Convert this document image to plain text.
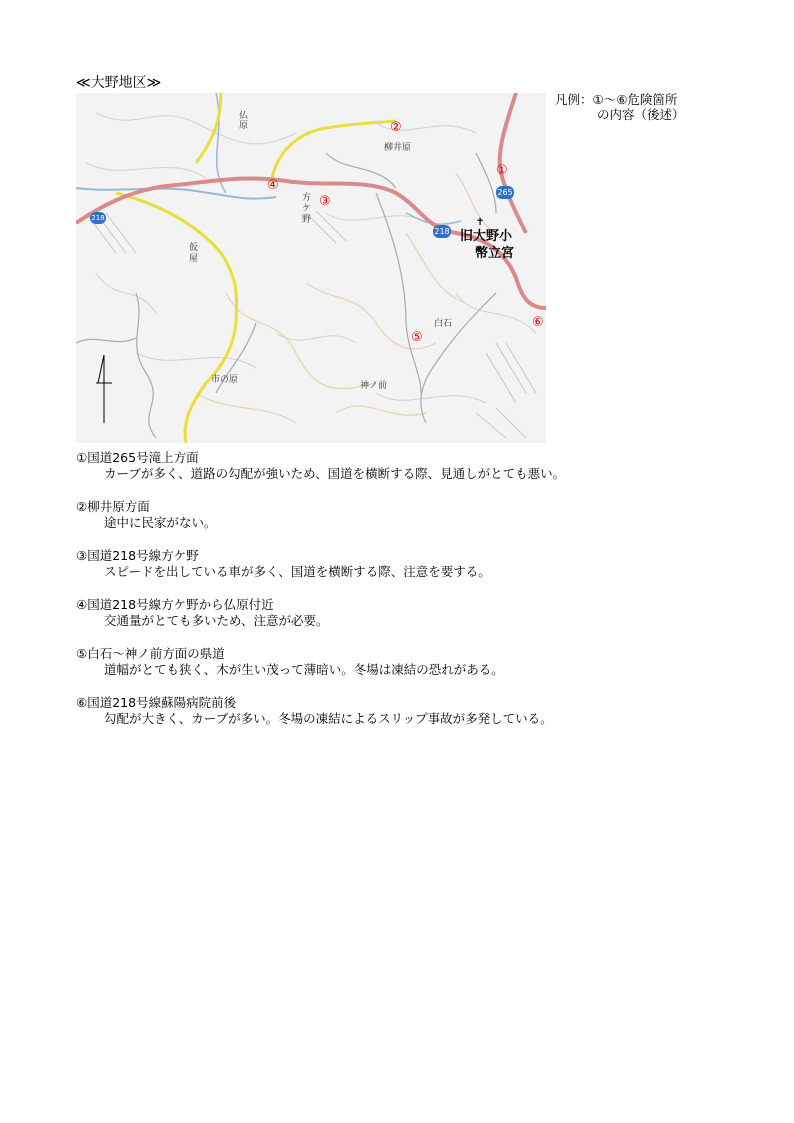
≪大野地区≫
凡例：①～⑥危険箇所
の内容（後述）
265
218
218
仏原
柳井原
方ケ野
仮屋
白石
市の原
神ノ前
✝
旧大野小
幣立宮
①
②
③
④
⑤
⑥
①国道265号滝上方面
カーブが多く、道路の勾配が強いため、国道を横断する際、見通しがとても悪い。
②柳井原方面
途中に民家がない。
③国道218号線方ケ野
スピードを出している車が多く、国道を横断する際、注意を要する。
④国道218号線方ケ野から仏原付近
交通量がとても多いため、注意が必要。
⑤白石～神ノ前方面の県道
道幅がとても狭く、木が生い茂って薄暗い。冬場は凍結の恐れがある。
⑥国道218号線蘇陽病院前後
勾配が大きく、カーブが多い。冬場の凍結によるスリップ事故が多発している。
